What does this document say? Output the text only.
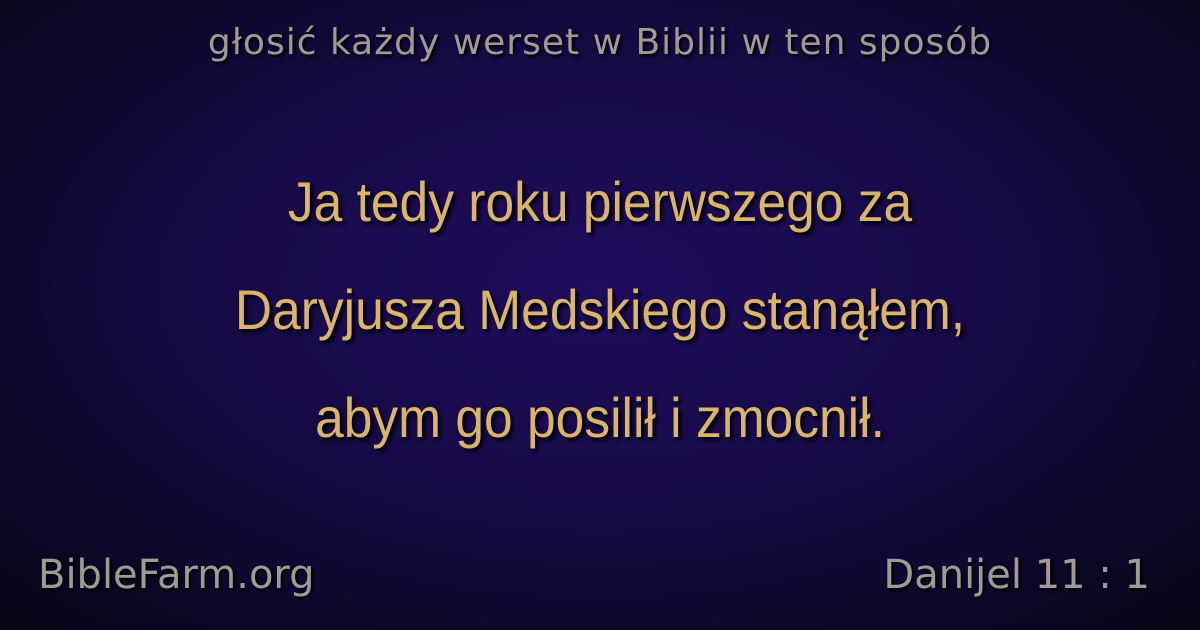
głosić każdy werset w Biblii w ten sposób
Ja tedy roku pierwszego za
Daryjusza Medskiego stanąłem,
abym go posilił i zmocnił.
BibleFarm.org	Danijel 11 : 1
